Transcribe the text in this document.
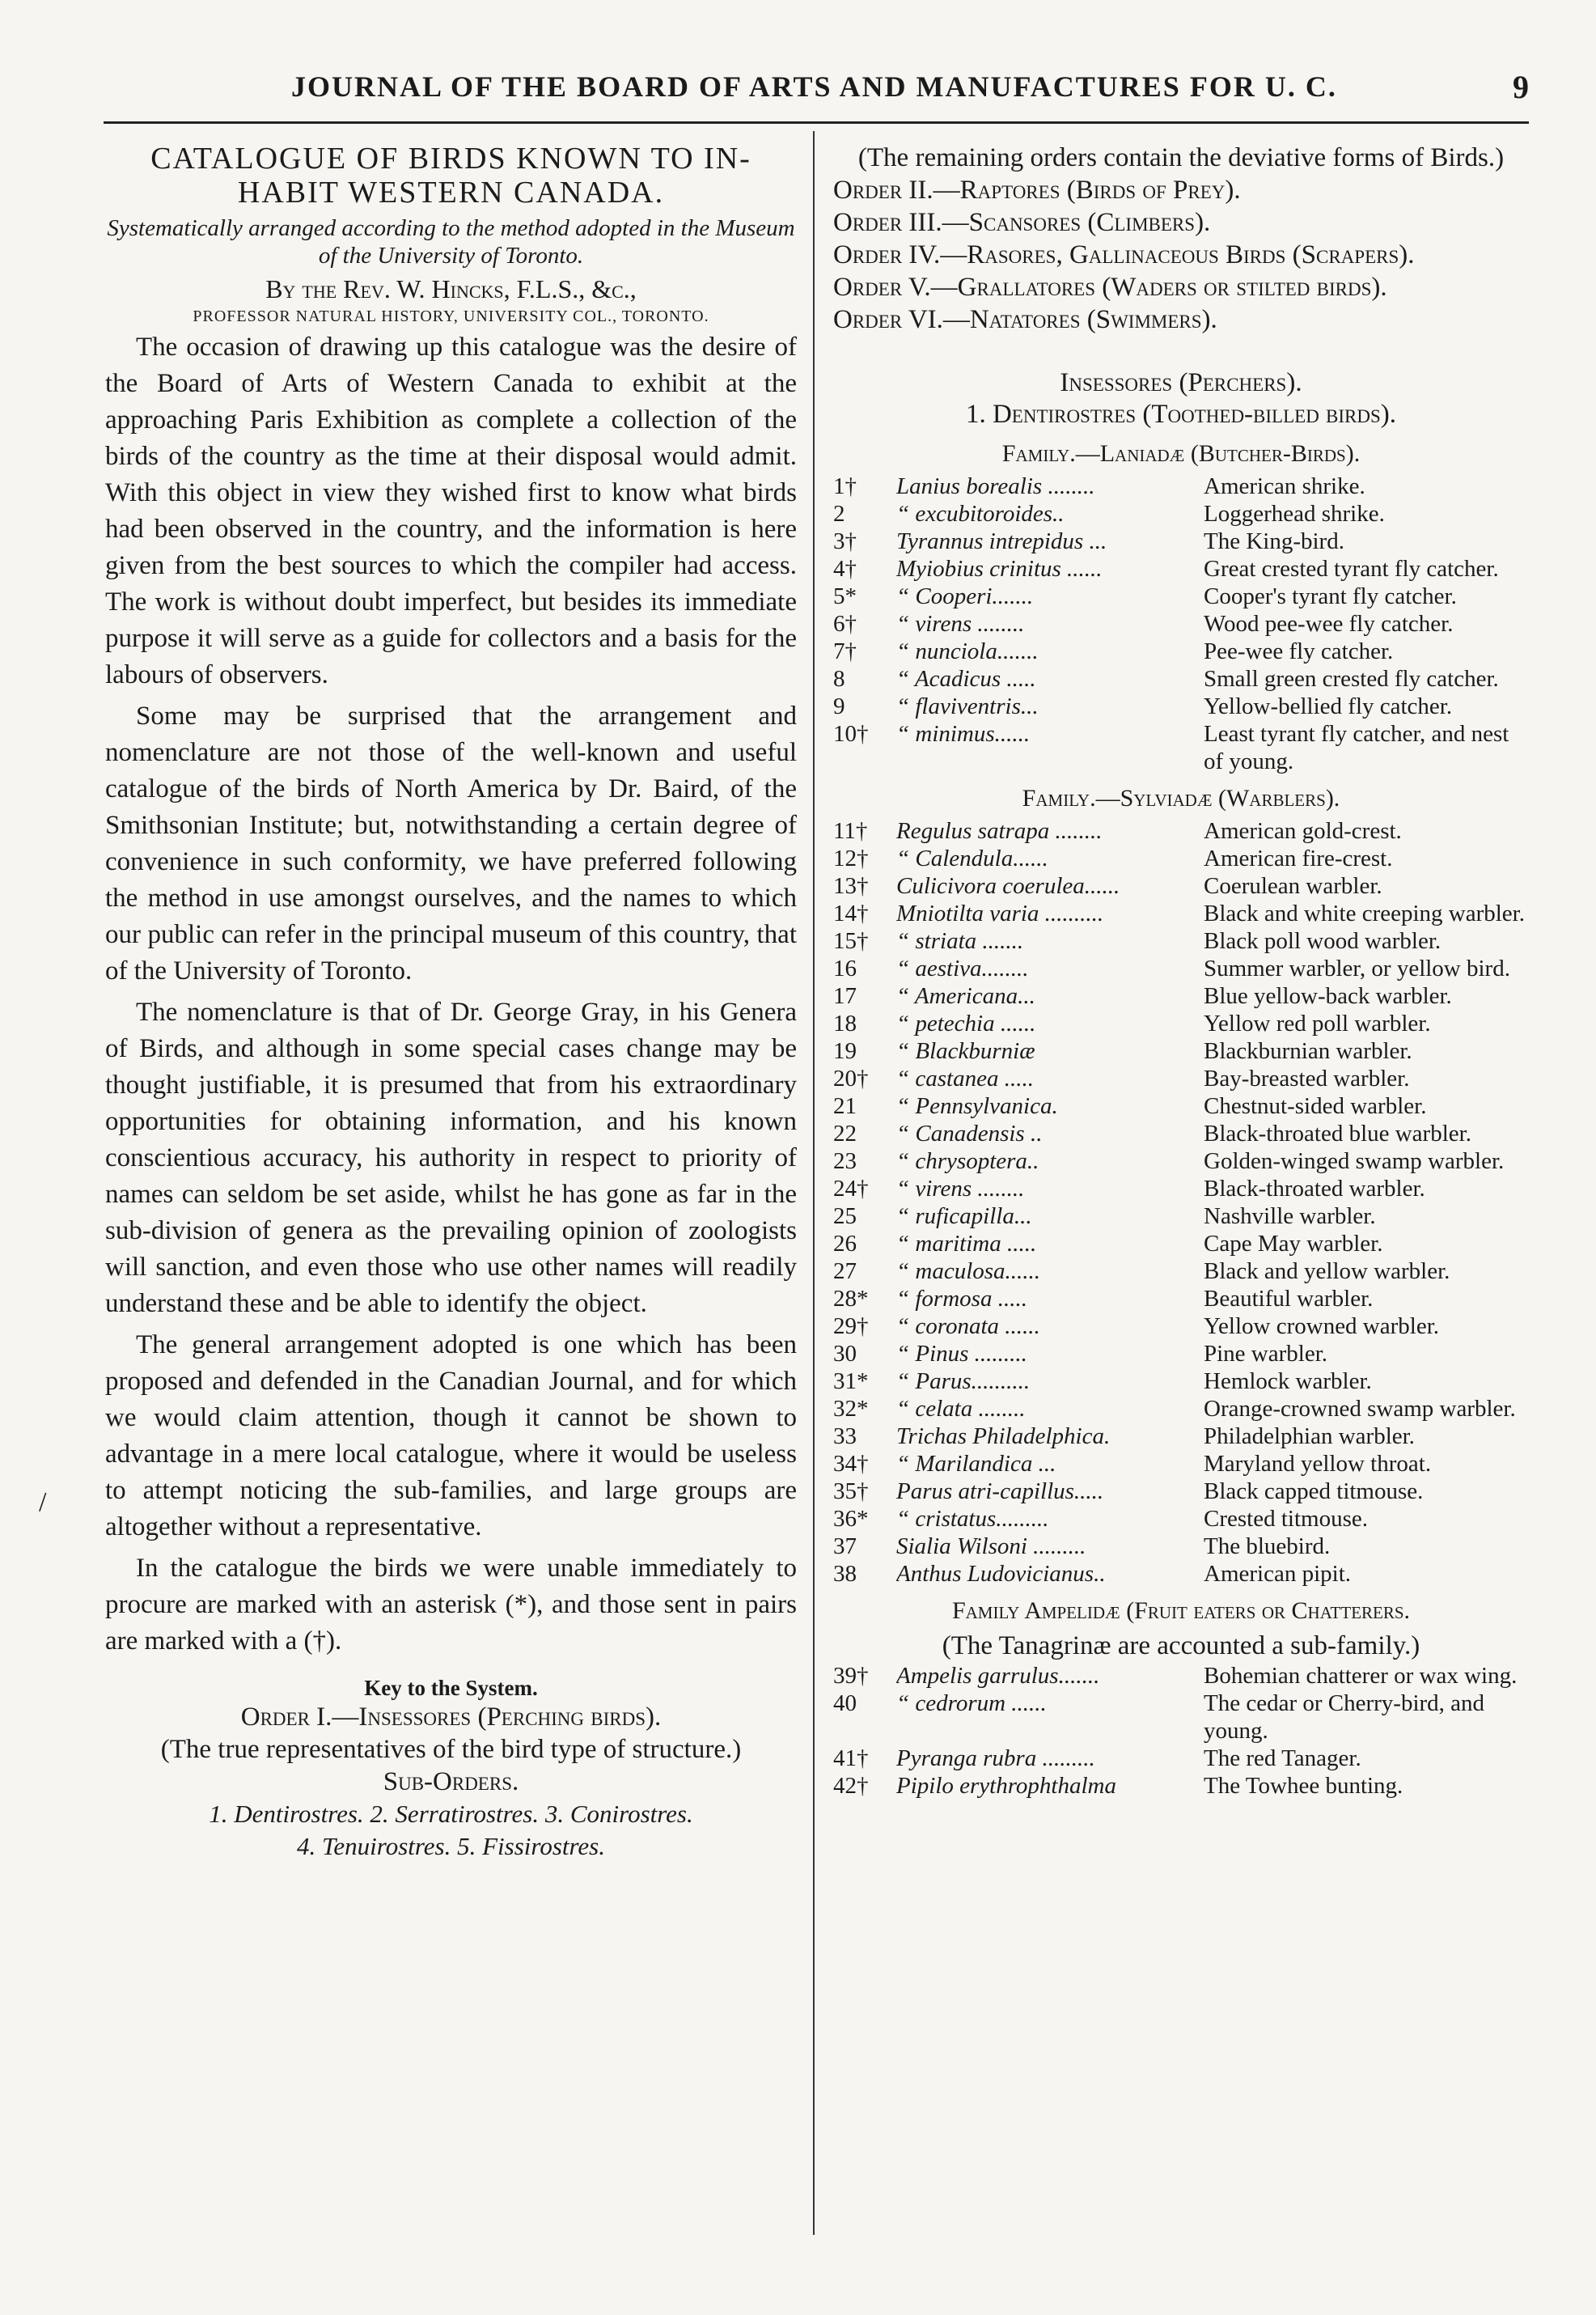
JOURNAL OF THE BOARD OF ARTS AND MANUFACTURES FOR U. C.	9
/
CATALOGUE OF BIRDS KNOWN TO IN-
HABIT WESTERN CANADA.
Systematically arranged according to the method adopted in the Museum of the University of Toronto.
By the Rev. W. Hincks, F.L.S., &c.,
PROFESSOR NATURAL HISTORY, UNIVERSITY COL., TORONTO.

The occasion of drawing up this catalogue was the desire of the Board of Arts of Western Canada to exhibit at the approaching Paris Exhibition as complete a collection of the birds of the country as the time at their disposal would admit. With this object in view they wished first to know what birds had been observed in the country, and the information is here given from the best sources to which the compiler had access. The work is without doubt imperfect, but besides its immediate purpose it will serve as a guide for collectors and a basis for the labours of observers.

Some may be surprised that the arrangement and nomenclature are not those of the well-known and useful catalogue of the birds of North America by Dr. Baird, of the Smithsonian Institute; but, notwithstanding a certain degree of convenience in such conformity, we have preferred following the method in use amongst ourselves, and the names to which our public can refer in the principal museum of this country, that of the University of Toronto.

The nomenclature is that of Dr. George Gray, in his Genera of Birds, and although in some special cases change may be thought justifiable, it is presumed that from his extraordinary opportunities for obtaining information, and his known conscientious accuracy, his authority in respect to priority of names can seldom be set aside, whilst he has gone as far in the sub-division of genera as the prevailing opinion of zoologists will sanction, and even those who use other names will readily understand these and be able to identify the object.

The general arrangement adopted is one which has been proposed and defended in the Canadian Journal, and for which we would claim attention, though it cannot be shown to advantage in a mere local catalogue, where it would be useless to attempt noticing the sub-families, and large groups are altogether without a representative.

In the catalogue the birds we were unable immediately to procure are marked with an asterisk (*), and those sent in pairs are marked with a (†).

Key to the System.
Order I.—Insessores (Perching birds).
(The true representatives of the bird type of structure.)
Sub-Orders.
1. Dentirostres. 2. Serratirostres. 3. Conirostres.
4. Tenuirostres. 5. Fissirostres.
(The remaining orders contain the deviative forms of Birds.)
Order II.—Raptores (Birds of Prey).
Order III.—Scansores (Climbers).
Order IV.—Rasores, Gallinaceous Birds (Scrapers).
Order V.—Grallatores (Waders or stilted birds).
Order VI.—Natatores (Swimmers).
Insessores (Perchers).
1. Dentirostres (Toothed-billed birds).
Family.—Laniadæ (Butcher-Birds).
1†	Lanius borealis ........	American shrike.
2	“ excubitoroides..	Loggerhead shrike.
3†	Tyrannus intrepidus ...	The King-bird.
4†	Myiobius crinitus ......	Great crested tyrant fly catcher.
5*	“ Cooperi.......	Cooper's tyrant fly catcher.
6†	“ virens ........	Wood pee-wee fly catcher.
7†	“ nunciola.......	Pee-wee fly catcher.
8	“ Acadicus .....	Small green crested fly catcher.
9	“ flaviventris...	Yellow-bellied fly catcher.
10†	“ minimus......	Least tyrant fly catcher, and nest of young.
Family.—Sylviadæ (Warblers).
11†	Regulus satrapa ........	American gold-crest.
12†	“ Calendula......	American fire-crest.
13†	Culicivora coerulea......	Coerulean warbler.
14†	Mniotilta varia ..........	Black and white creeping warbler.
15†	“ striata .......	Black poll wood warbler.
16	“ aestiva........	Summer warbler, or yellow bird.
17	“ Americana...	Blue yellow-back warbler.
18	“ petechia ......	Yellow red poll warbler.
19	“ Blackburniæ	Blackburnian warbler.
20†	“ castanea .....	Bay-breasted warbler.
21	“ Pennsylvanica.	Chestnut-sided warbler.
22	“ Canadensis ..	Black-throated blue warbler.
23	“ chrysoptera..	Golden-winged swamp warbler.
24†	“ virens ........	Black-throated warbler.
25	“ ruficapilla...	Nashville warbler.
26	“ maritima .....	Cape May warbler.
27	“ maculosa......	Black and yellow warbler.
28*	“ formosa .....	Beautiful warbler.
29†	“ coronata ......	Yellow crowned warbler.
30	“ Pinus .........	Pine warbler.
31*	“ Parus..........	Hemlock warbler.
32*	“ celata ........	Orange-crowned swamp warbler.
33	Trichas Philadelphica.	Philadelphian warbler.
34†	“ Marilandica ...	Maryland yellow throat.
35†	Parus atri-capillus.....	Black capped titmouse.
36*	“ cristatus.........	Crested titmouse.
37	Sialia Wilsoni .........	The bluebird.
38	Anthus Ludovicianus..	American pipit.
Family Ampelidæ (Fruit eaters or Chatterers.
(The Tanagrinæ are accounted a sub-family.)
39†	Ampelis garrulus.......	Bohemian chatterer or wax wing.
40	“ cedrorum ......	The cedar or Cherry-bird, and young.
41†	Pyranga rubra .........	The red Tanager.
42†	Pipilo erythrophthalma	The Towhee bunting.
